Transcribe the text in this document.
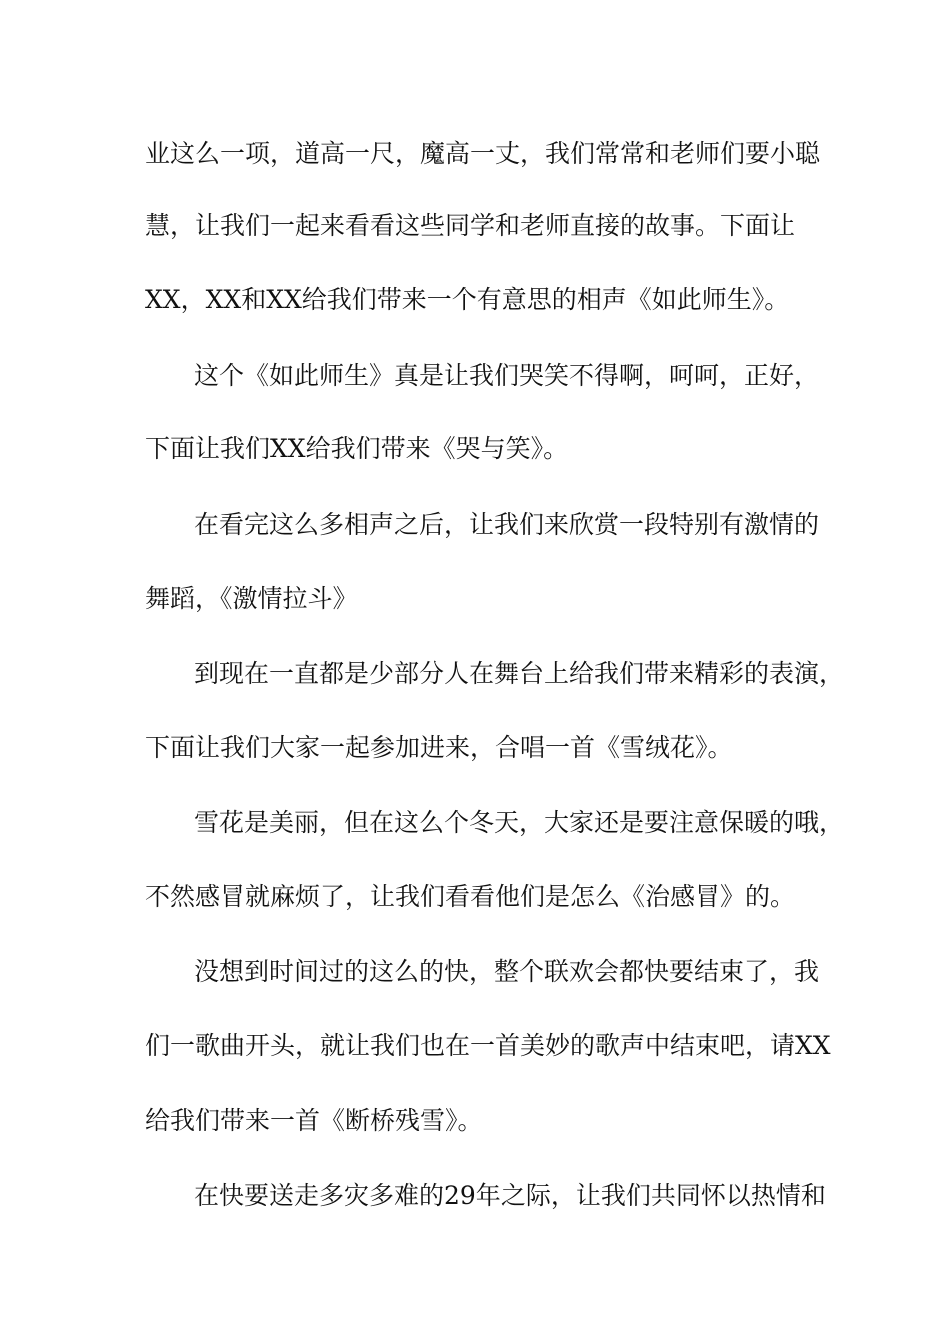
业这么一项，道高一尺，魔高一丈，我们常常和老师们要小聪
慧，让我们一起来看看这些同学和老师直接的故事。下面让
XX，XX和XX给我们带来一个有意思的相声《如此师生》。
这个《如此师生》真是让我们哭笑不得啊，呵呵，正好，
下面让我们XX给我们带来《哭与笑》。
在看完这么多相声之后，让我们来欣赏一段特别有激情的
舞蹈，《激情拉斗》
到现在一直都是少部分人在舞台上给我们带来精彩的表演，
下面让我们大家一起参加进来，合唱一首《雪绒花》。
雪花是美丽，但在这么个冬天，大家还是要注意保暖的哦，
不然感冒就麻烦了，让我们看看他们是怎么《治感冒》的。
没想到时间过的这么的快，整个联欢会都快要结束了，我
们一歌曲开头，就让我们也在一首美妙的歌声中结束吧，请XX
给我们带来一首《断桥残雪》。
在快要送走多灾多难的29年之际，让我们共同怀以热情和
